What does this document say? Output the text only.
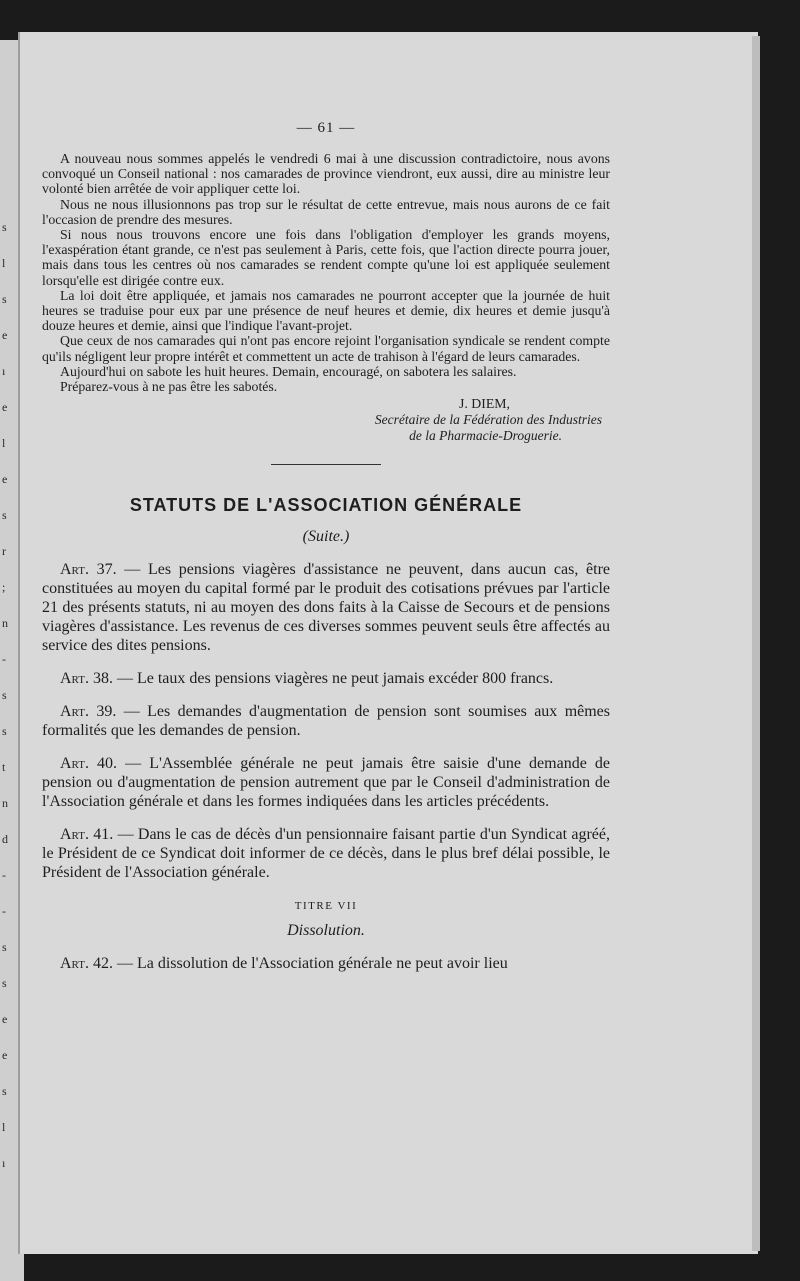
s
l
s
e
ı
e
l
e
s
r
;
n
-
s
s
t
n
d
-
-
s
s
e
e
s
l
ı
— 61 —

A nouveau nous sommes appelés le vendredi 6 mai à une discussion contradictoire, nous avons convoqué un Conseil national : nos camarades de province viendront, eux aussi, dire au ministre leur volonté bien arrêtée de voir appliquer cette loi.

Nous ne nous illusionnons pas trop sur le résultat de cette entrevue, mais nous aurons de ce fait l'occasion de prendre des mesures.

Si nous nous trouvons encore une fois dans l'obligation d'employer les grands moyens, l'exaspération étant grande, ce n'est pas seulement à Paris, cette fois, que l'action directe pourra jouer, mais dans tous les centres où nos camarades se rendent compte qu'une loi est appliquée seulement lorsqu'elle est dirigée contre eux.

La loi doit être appliquée, et jamais nos camarades ne pourront accepter que la journée de huit heures se traduise pour eux par une présence de neuf heures et demie, dix heures et demie jusqu'à douze heures et demie, ainsi que l'indique l'avant-projet.

Que ceux de nos camarades qui n'ont pas encore rejoint l'organisation syndicale se rendent compte qu'ils négligent leur propre intérêt et commettent un acte de trahison à l'égard de leurs camarades.

Aujourd'hui on sabote les huit heures. Demain, encouragé, on sabotera les salaires.

Préparez-vous à ne pas être les sabotés.

J. DIEM,
Secrétaire de la Fédération des Industries
de la Pharmacie-Droguerie.
STATUTS DE L'ASSOCIATION GÉNÉRALE
(Suite.)

Art. 37. — Les pensions viagères d'assistance ne peuvent, dans aucun cas, être constituées au moyen du capital formé par le produit des cotisations prévues par l'article 21 des présents statuts, ni au moyen des dons faits à la Caisse de Secours et de pensions viagères d'assistance. Les revenus de ces diverses sommes peuvent seuls être affectés au service des dites pensions.

Art. 38. — Le taux des pensions viagères ne peut jamais excéder 800 francs.

Art. 39. — Les demandes d'augmentation de pension sont soumises aux mêmes formalités que les demandes de pension.

Art. 40. — L'Assemblée générale ne peut jamais être saisie d'une demande de pension ou d'augmentation de pension autrement que par le Conseil d'administration de l'Association générale et dans les formes indiquées dans les articles précédents.

Art. 41. — Dans le cas de décès d'un pensionnaire faisant partie d'un Syndicat agréé, le Président de ce Syndicat doit informer de ce décès, dans le plus bref délai possible, le Président de l'Association générale.

TITRE VII
Dissolution.

Art. 42. — La dissolution de l'Association générale ne peut avoir lieu
